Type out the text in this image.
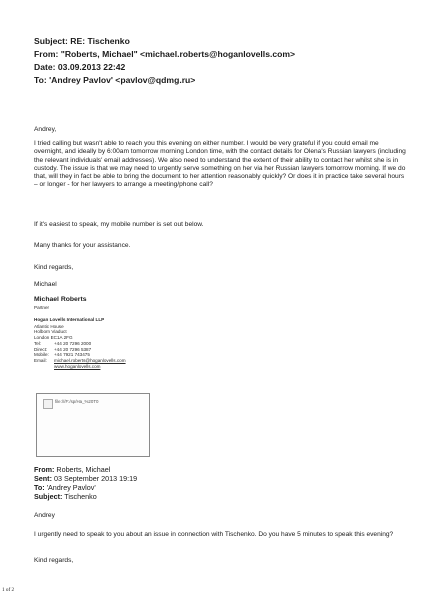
Subject: RE: Tischenko
From: "Roberts, Michael" <michael.roberts@hoganlovells.com>
Date: 03.09.2013 22:42
To: 'Andrey Pavlov' <pavlov@qdmg.ru>
Andrey,
I tried calling but wasn't able to reach you this evening on either number. I would be very grateful if you could email me overnight, and ideally by 6:00am tomorrow morning London time, with the contact details for Olena's Russian lawyers (including the relevant individuals' email addresses). We also need to understand the extent of their ability to contact her whilst she is in custody. The issue is that we may need to urgently serve something on her via her Russian lawyers tomorrow morning. If we do that, will they in fact be able to bring the document to her attention reasonably quickly? Or does it in practice take several hours – or longer - for her lawyers to arrange a meeting/phone call?
If it's easiest to speak, my mobile number is set out below.
Many thanks for your assistance.
Kind regards,
Michael
Michael Roberts
Partner
Hogan Lovells International LLP
Atlantic House
Holborn Viaduct
London EC1A 2FG
Tel:	+44 20 7296 2000
Direct:	+44 20 7296 5387
Mobile:	+44 7921 743475
Email:	michael.roberts@hoganlovells.com
www.hoganlovells.com
file:///F:/sp/Ha_%20T0
From: Roberts, Michael
Sent: 03 September 2013 19:19
To: 'Andrey Pavlov'
Subject: Tischenko
Andrey
I urgently need to speak to you about an issue in connection with Tischenko. Do you have 5 minutes to speak this evening?
Kind regards,
1 of 2
